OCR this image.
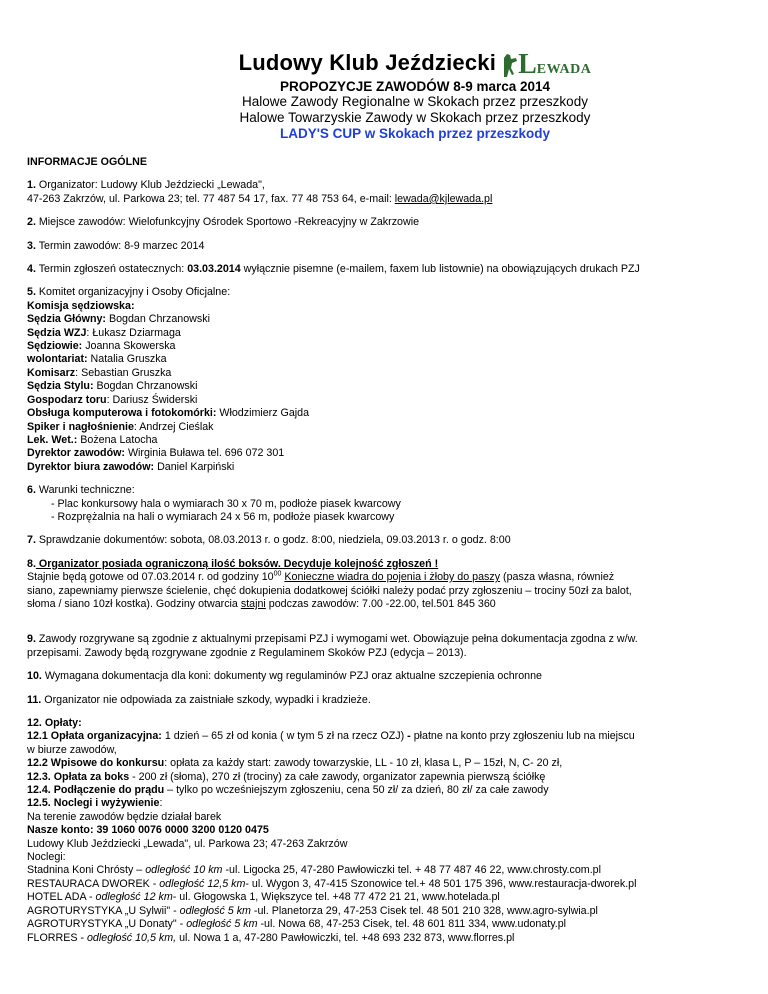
Ludowy Klub Jeździecki L EWADA
PROPOZYCJE ZAWODÓW 8-9 marca 2014
Halowe Zawody Regionalne w Skokach przez przeszkody
Halowe Towarzyskie Zawody w Skokach przez przeszkody
LADY'S CUP w Skokach przez przeszkody

INFORMACJE OGÓLNE

1. Organizator: Ludowy Klub Jeździecki „Lewada",
47-263 Zakrzów, ul. Parkowa 23; tel. 77 487 54 17, fax. 77 48 753 64, e-mail: lewada@kjlewada.pl

2. Miejsce zawodów: Wielofunkcyjny Ośrodek Sportowo -Rekreacyjny w Zakrzowie

3. Termin zawodów: 8-9 marzec 2014

4. Termin zgłoszeń ostatecznych: 03.03.2014 wyłącznie pisemne (e-mailem, faxem lub listownie) na obowiązujących drukach PZJ

5. Komitet organizacyjny i Osoby Oficjalne:
Komisja sędziowska:
Sędzia Główny: Bogdan Chrzanowski
Sędzia WZJ: Łukasz Dziarmaga
Sędziowie: Joanna Skowerska
wolontariat: Natalia Gruszka
Komisarz: Sebastian Gruszka
Sędzia Stylu: Bogdan Chrzanowski
Gospodarz toru: Dariusz Świderski
Obsługa komputerowa i fotokomórki: Włodzimierz Gajda
Spiker i nagłośnienie: Andrzej Cieślak
Lek. Wet.: Bożena Latocha
Dyrektor zawodów: Wirginia Buława tel. 696 072 301
Dyrektor biura zawodów: Daniel Karpiński

6. Warunki techniczne:
- Plac konkursowy hala o wymiarach 30 x 70 m, podłoże piasek kwarcowy
- Rozprężalnia na hali o wymiarach 24 x 56 m, podłoże piasek kwarcowy

7. Sprawdzanie dokumentów: sobota, 08.03.2013 r. o godz. 8:00, niedziela, 09.03.2013 r. o godz. 8:00

8. Organizator posiada ograniczoną ilość boksów. Decyduje kolejność zgłoszeń !
Stajnie będą gotowe od 07.03.2014 r. od godziny $10^{00}$ Konieczne wiadra do pojenia i żłoby do paszy (pasza własna, również
siano, zapewniamy pierwsze ścielenie, chęć dokupienia dodatkowej ściółki należy podać przy zgłoszeniu – trociny 50zł za balot,
słoma / siano 10zł kostka). Godziny otwarcia stajni podczas zawodów: 7.00 -22.00, tel.501 845 360

9. Zawody rozgrywane są zgodnie z aktualnymi przepisami PZJ i wymogami wet. Obowiązuje pełna dokumentacja zgodna z w/w.
przepisami. Zawody będą rozgrywane zgodnie z Regulaminem Skoków PZJ (edycja – 2013).

10. Wymagana dokumentacja dla koni: dokumenty wg regulaminów PZJ oraz aktualne szczepienia ochronne

11. Organizator nie odpowiada za zaistniałe szkody, wypadki i kradzieże.

12. Opłaty:
12.1 Opłata organizacyjna: 1 dzień – 65 zł od konia ( w tym 5 zł na rzecz OZJ) - płatne na konto przy zgłoszeniu lub na miejscu
w biurze zawodów,
12.2 Wpisowe do konkursu: opłata za każdy start: zawody towarzyskie, LL - 10 zł, klasa L, P – 15zł, N, C- 20 zł,
12.3. Opłata za boks - 200 zł (słoma), 270 zł (trociny) za całe zawody, organizator zapewnia pierwszą ściółkę
12.4. Podłączenie do prądu – tylko po wcześniejszym zgłoszeniu, cena 50 zł/ za dzień, 80 zł/ za całe zawody
12.5. Noclegi i wyżywienie:
Na terenie zawodów będzie działał barek
Nasze konto: 39 1060 0076 0000 3200 0120 0475
Ludowy Klub Jeździecki „Lewada", ul. Parkowa 23; 47-263 Zakrzów
Noclegi:
Stadnina Koni Chrósty – odległość 10 km -ul. Ligocka 25, 47-280 Pawłowiczki tel. + 48 77 487 46 22, www.chrosty.com.pl
RESTAURACA DWOREK - odległość 12,5 km- ul. Wygon 3, 47-415 Szonowice tel.+ 48 501 175 396, www.restauracja-dworek.pl
HOTEL ADA - odległość 12 km- ul. Głogowska 1, Większyce tel. +48 77 472 21 21, www.hotelada.pl
AGROTURYSTYKA „U Sylwii" - odległość 5 km -ul. Planetorza 29, 47-253 Cisek tel. 48 501 210 328, www.agro-sylwia.pl
AGROTURYSTYKA „U Donaty" - odległość 5 km -ul. Nowa 68, 47-253 Cisek, tel. 48 601 811 334, www.udonaty.pl
FLORRES - odległość 10,5 km, ul. Nowa 1 a, 47-280 Pawłowiczki, tel. +48 693 232 873, www.florres.pl
